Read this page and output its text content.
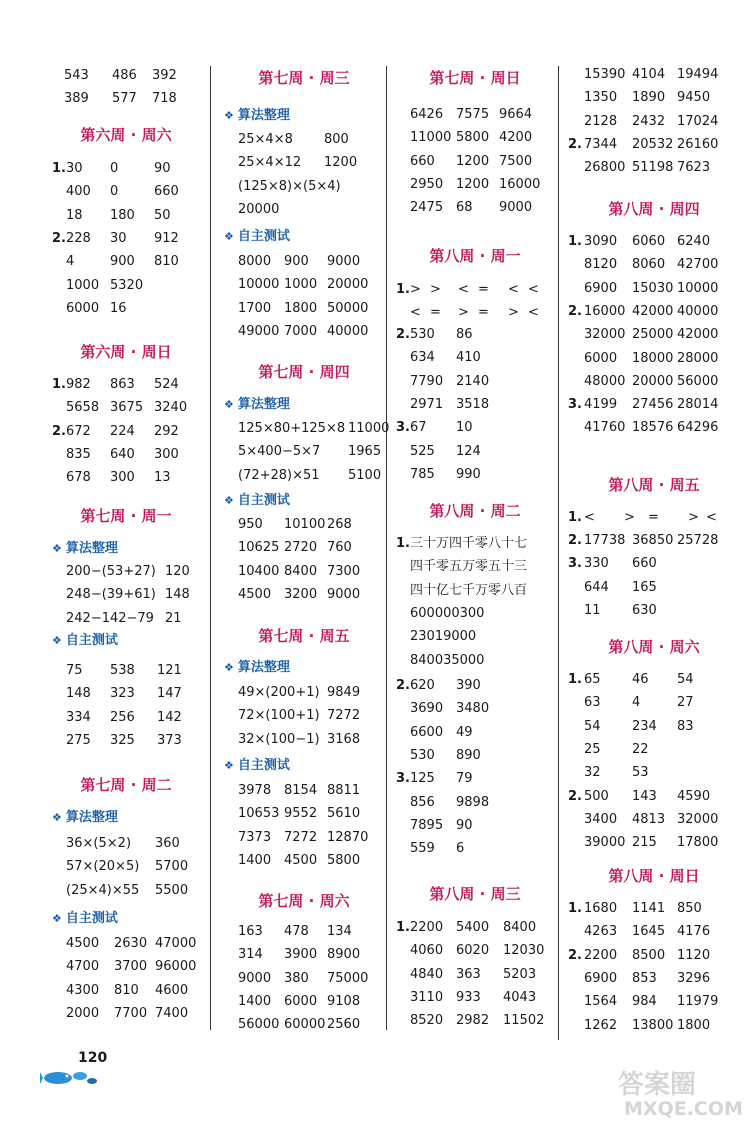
543 486 392
389 577 718
第六周 · 周六
1. 30 0	90
400 0	660
18 180 50
2. 228 30 912
4	900 810
1000 5320
6000 16
第六周 · 周日
1. 982 863 524
5658 3675 3240
2. 672 224 292
835 640 300
678 300 13
第七周 · 周一
❖ 算法整理
200−(53+27) 120
248−(39+61) 148
242−142−79 21
❖ 自主测试
75 538 121
148 323 147
334 256 142
275 325 373
第七周 · 周二
❖ 算法整理
36×(5×2) 360
57×(20×5) 5700
(25×4)×55 5500
❖ 自主测试
4500 2630 47000
4700 3700 96000
4300 810 4600
2000 7700 7400
第七周 · 周三
❖ 算法整理
25×4×8 800
25×4×12 1200
(125×8)×(5×4)
20000
❖ 自主测试
8000 900 9000
10000 1000 20000
1700 1800 50000
49000 7000 40000
第七周 · 周四
❖ 算法整理
125×80+125×8 11000
5×400−5×7 1965
(72+28)×51 5100
❖ 自主测试
950 10100 268
10625 2720 760
10400 8400 7300
4500 3200 9000
第七周 · 周五
❖ 算法整理
49×(200+1) 9849
72×(100+1) 7272
32×(100−1) 3168
❖ 自主测试
3978 8154 8811
10653 9552 5610
7373 7272 12870
1400 4500 5800
第七周 · 周六
163 478 134
314 3900 8900
9000 380 75000
1400 6000 9108
56000 60000 2560
第七周 · 周日
6426 7575 9664
11000 5800 4200
660 1200 7500
2950 1200 16000
2475 68 9000
第八周 · 周一
1. > > < = < <
< = > = > <
2. 530 86
634 410
7790 2140
2971 3518
3. 67 10
525 124
785 990
第八周 · 周二
1. 三十万四千零八十七
四千零五万零五十三
四十亿七千万零八百
600000300
23019000
840035000
2. 620 390
3690 3480
6600 49
530 890
3. 125 79
856 9898
7895 90
559 6
第八周 · 周三
1. 2200 5400 8400
4060 6020 12030
4840 363 5203
3110 933 4043
8520 2982 11502
15390 4104 19494
1350 1890 9450
2128 2432 17024
2. 7344 20532 26160
26800 51198 7623
第八周 · 周四
1. 3090 6060 6240
8120 8060 42700
6900 15030 10000
2. 16000 42000 40000
32000 25000 42000
6000 18000 28000
48000 20000 56000
3. 4199 27456 28014
41760 18576 64296
第八周 · 周五
1. < > = > <
2. 17738 36850 25728
3. 330 660
644 165
11 630
第八周 · 周六
1. 65 46 54
63 4	27
54 234 83
25 22
32 53
2. 500 143 4590
3400 4813 32000
39000 215 17800
第八周 · 周日
1. 1680 1141 850
4263 1645 4176
2. 2200 8500 1120
6900 853 3296
1564 984 11979
1262 13800 1800
120
答案圈
MXQE.COM
